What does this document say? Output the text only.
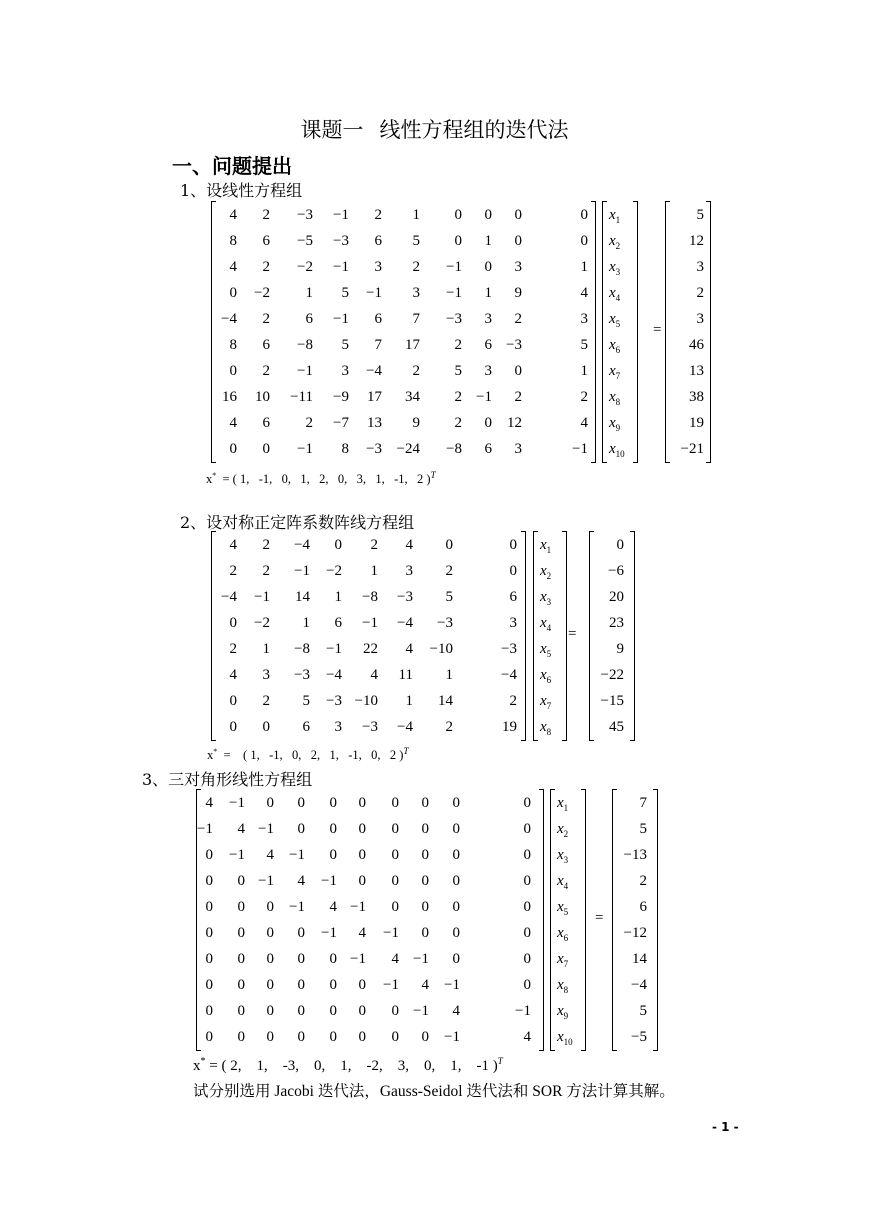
课题一 线性方程组的迭代法
一、问题提出
1、设线性方程组
4 2 −3 −1 2 1 0 0 0	0
8 6 −5 −3 6 5 0 1 0	0
4 2 −2 −1 3 2 −1 0 3	1
0 −2 1 5 −1 3 −1 1 9	4
−4 2 6 −1 6 7 −3 3 2	3
8 6 −8 5 7 17 2 6 −3	5
0 2 −1 3 −4 2 5 3 0	1
16 10 −11 −9 17 34 2 −1 2	2
4 6 2 −7 13 9 2 0 12	4
0 0 −1 8 −3 −24 −8 6 3	−1
$x_1$
$x_2$
$x_3$
$x_4$
$x_5$
$x_6$
$x_7$
$x_8$
$x_9$
$x_{10}$
=
5
12
3
2
3
46
13
38
19
−21
x*  = ( 1,   -1,   0,   1,   2,   0,   3,   1,   -1,   2 )$^T$
2、设对称正定阵系数阵线方程组
4 2 −4 0 2 4 0	0
2 2 −1 −2 1 3 2	0
−4 −1 14 1 −8 −3 5	6
0 −2 1 6 −1 −4 −3	3
2 1 −8 −1 22 4 −10	−3
4 3 −3 −4 4 11 1	−4
0 2 5 −3 −10 1 14	2
0 0 6 3 −3 −4 2	19
$x_1$
$x_2$
$x_3$
$x_4$
$x_5$
$x_6$
$x_7$
$x_8$
=
0
−6
20
23
9
−22
−15
45
x*  =    ( 1,   -1,   0,   2,   1,   -1,   0,   2 )$^T$
3、三对角形线性方程组
4 −1 0 0 0 0 0 0 0	0
−1 4 −1 0 0 0 0 0 0	0
0 −1 4 −1 0 0 0 0 0	0
0 0 −1 4 −1 0 0 0 0	0
0 0 0 −1 4 −1 0 0 0	0
0 0 0 0 −1 4 −1 0 0	0
0 0 0 0 0 −1 4 −1 0	0
0 0 0 0 0 0 −1 4 −1	0
0 0 0 0 0 0 0 −1 4	−1
0 0 0 0 0 0 0 0 −1	4
$x_1$
$x_2$
$x_3$
$x_4$
$x_5$
$x_6$
$x_7$
$x_8$
$x_9$
$x_{10}$
=
7
5
−13
2
6
−12
14
−4
5
−5
x* = ( 2,    1,    -3,    0,    1,    -2,    3,    0,    1,    -1 )$^T$
试分别选用 Jacobi 迭代法，Gauss-Seidol 迭代法和 SOR 方法计算其解。
- 1 -
